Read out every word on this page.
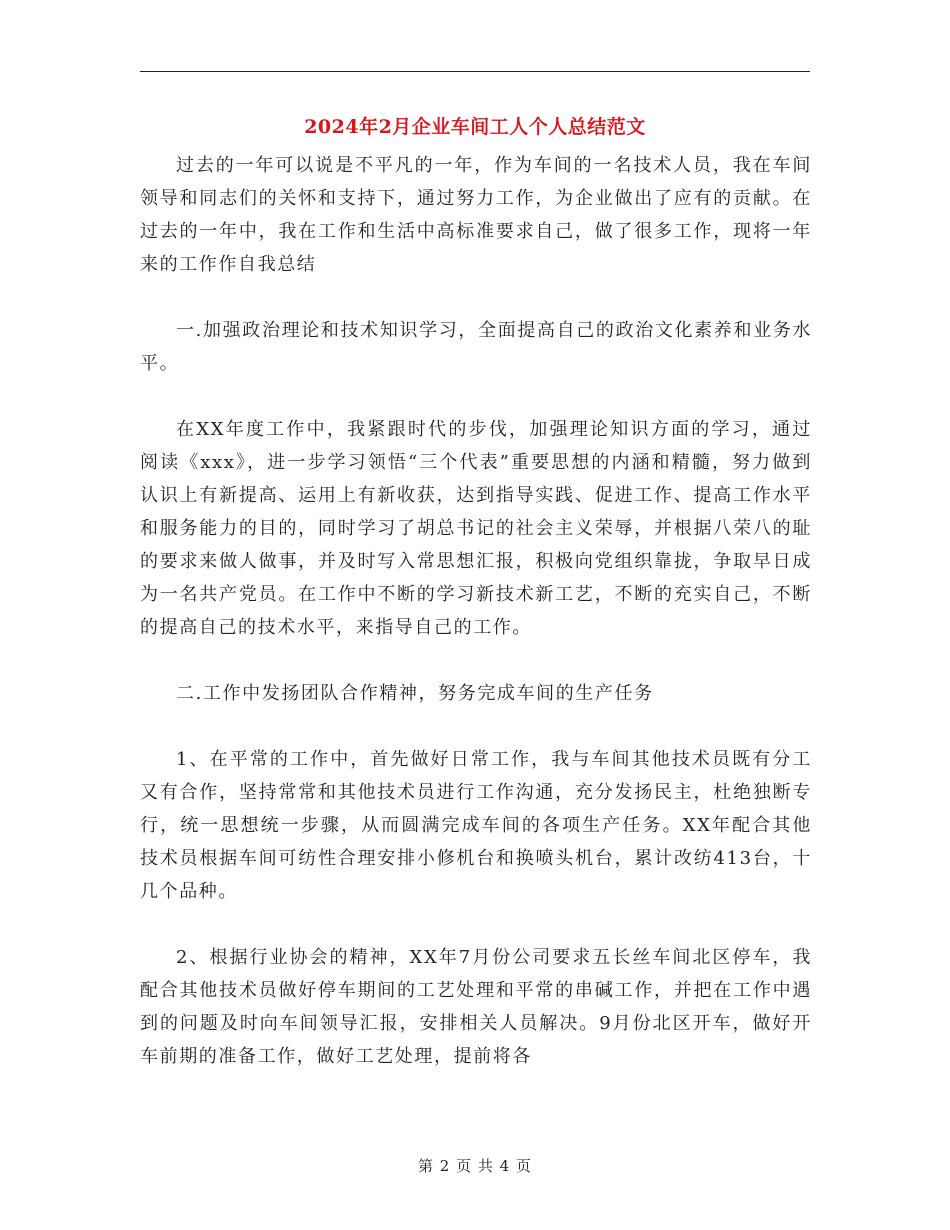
2024年2月企业车间工人个人总结范文

过去的一年可以说是不平凡的一年，作为车间的一名技术人员，我在车间领导和同志们的关怀和支持下，通过努力工作，为企业做出了应有的贡献。在过去的一年中，我在工作和生活中高标准要求自己，做了很多工作，现将一年来的工作作自我总结

一.加强政治理论和技术知识学习，全面提高自己的政治文化素养和业务水平。

在XX年度工作中，我紧跟时代的步伐，加强理论知识方面的学习，通过阅读《xxx》，进一步学习领悟“三个代表”重要思想的内涵和精髓，努力做到认识上有新提高、运用上有新收获，达到指导实践、促进工作、提高工作水平和服务能力的目的，同时学习了胡总书记的社会主义荣辱，并根据八荣八的耻的要求来做人做事，并及时写入常思想汇报，积极向党组织靠拢，争取早日成为一名共产党员。在工作中不断的学习新技术新工艺，不断的充实自己，不断的提高自己的技术水平，来指导自己的工作。

二.工作中发扬团队合作精神，努务完成车间的生产任务

1、在平常的工作中，首先做好日常工作，我与车间其他技术员既有分工又有合作，坚持常常和其他技术员进行工作沟通，充分发扬民主，杜绝独断专行，统一思想统一步骤，从而圆满完成车间的各项生产任务。XX年配合其他技术员根据车间可纺性合理安排小修机台和换喷头机台，累计改纺413台，十几个品种。

2、根据行业协会的精神，XX年7月份公司要求五长丝车间北区停车，我配合其他技术员做好停车期间的工艺处理和平常的串碱工作，并把在工作中遇到的问题及时向车间领导汇报，安排相关人员解决。9月份北区开车，做好开车前期的准备工作，做好工艺处理，提前将各

第 2 页 共 4 页
